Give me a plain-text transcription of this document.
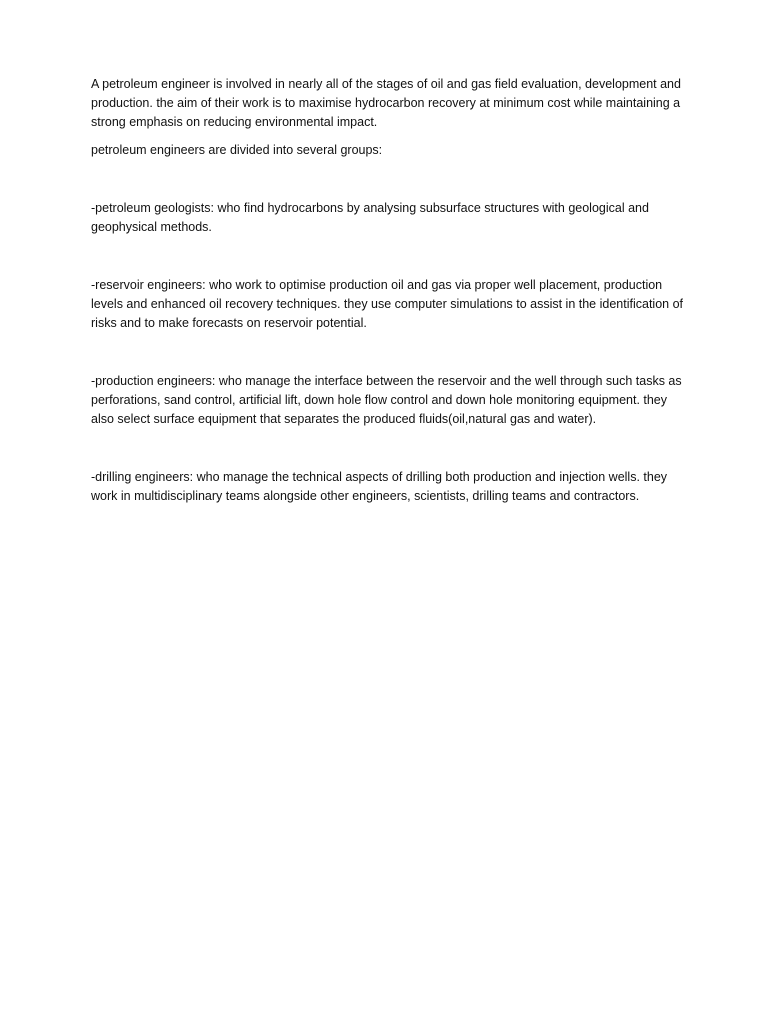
A petroleum engineer is involved in nearly all of the stages of oil and gas field evaluation, development and production. the aim of their work is to maximise hydrocarbon recovery at minimum cost while maintaining a strong emphasis on reducing environmental impact.

petroleum engineers are divided into several groups:

-petroleum geologists: who find hydrocarbons by analysing subsurface structures with geological and geophysical methods.

-reservoir engineers: who work to optimise production oil and gas via proper well placement, production levels and enhanced oil recovery techniques. they use computer simulations to assist in the identification of risks and to make forecasts on reservoir potential.

-production engineers: who manage the interface between the reservoir and the well through such tasks as perforations, sand control, artificial lift, down hole flow control and down hole monitoring equipment. they also select surface equipment that separates the produced fluids(oil,natural gas and water).

-drilling engineers: who manage the technical aspects of drilling both production and injection wells. they work in multidisciplinary teams alongside other engineers, scientists, drilling teams and contractors.
